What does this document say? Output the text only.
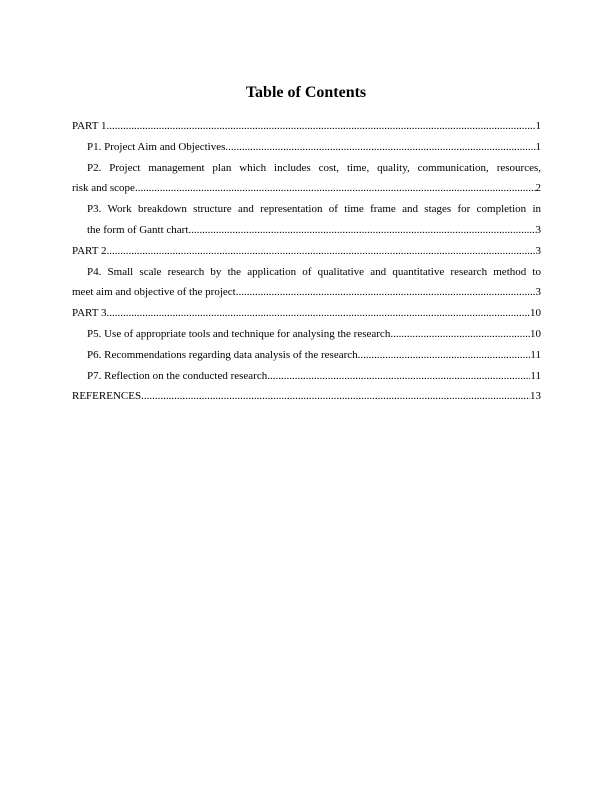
Table of Contents
PART 1 .....	1
P1. Project Aim and Objectives .....	1
P2. Project management plan which includes cost, time, quality, communication, resources,
risk and scope .....	2
P3. Work breakdown structure and representation of time frame and stages for completion in
the form of Gantt chart .....	3
PART 2 .....	3
P4. Small scale research by the application of qualitative and quantitative research method to
meet aim and objective of the project .....	3
PART 3 .....	10
P5. Use of appropriate tools and technique for analysing the research .....	10
P6. Recommendations regarding data analysis of the research .....	11
P7. Reflection on the conducted research .....	11
REFERENCES .....	13
